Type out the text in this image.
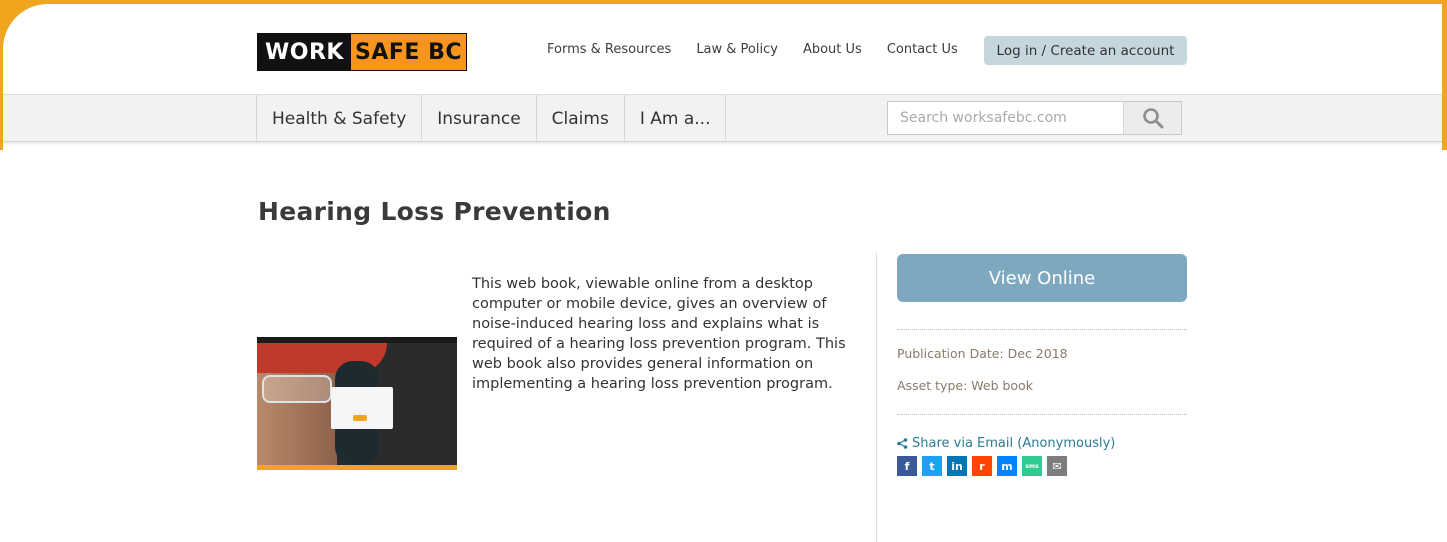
WORK SAFE BC	Forms & Resources Law & Policy About Us Contact Us	Log in / Create an account
Health & Safety	Insurance	Claims	I Am a...
Search worksafebc.com
Hearing Loss Prevention

This web book, viewable online from a desktop computer or mobile device, gives an overview of noise-induced hearing loss and explains what is required of a hearing loss prevention program. This web book also provides general information on implementing a hearing loss prevention program.

View Online
Publication Date: Dec 2018
Asset type: Web book
Share via Email (Anonymously)
f	t	in	r	m	sms	✉
